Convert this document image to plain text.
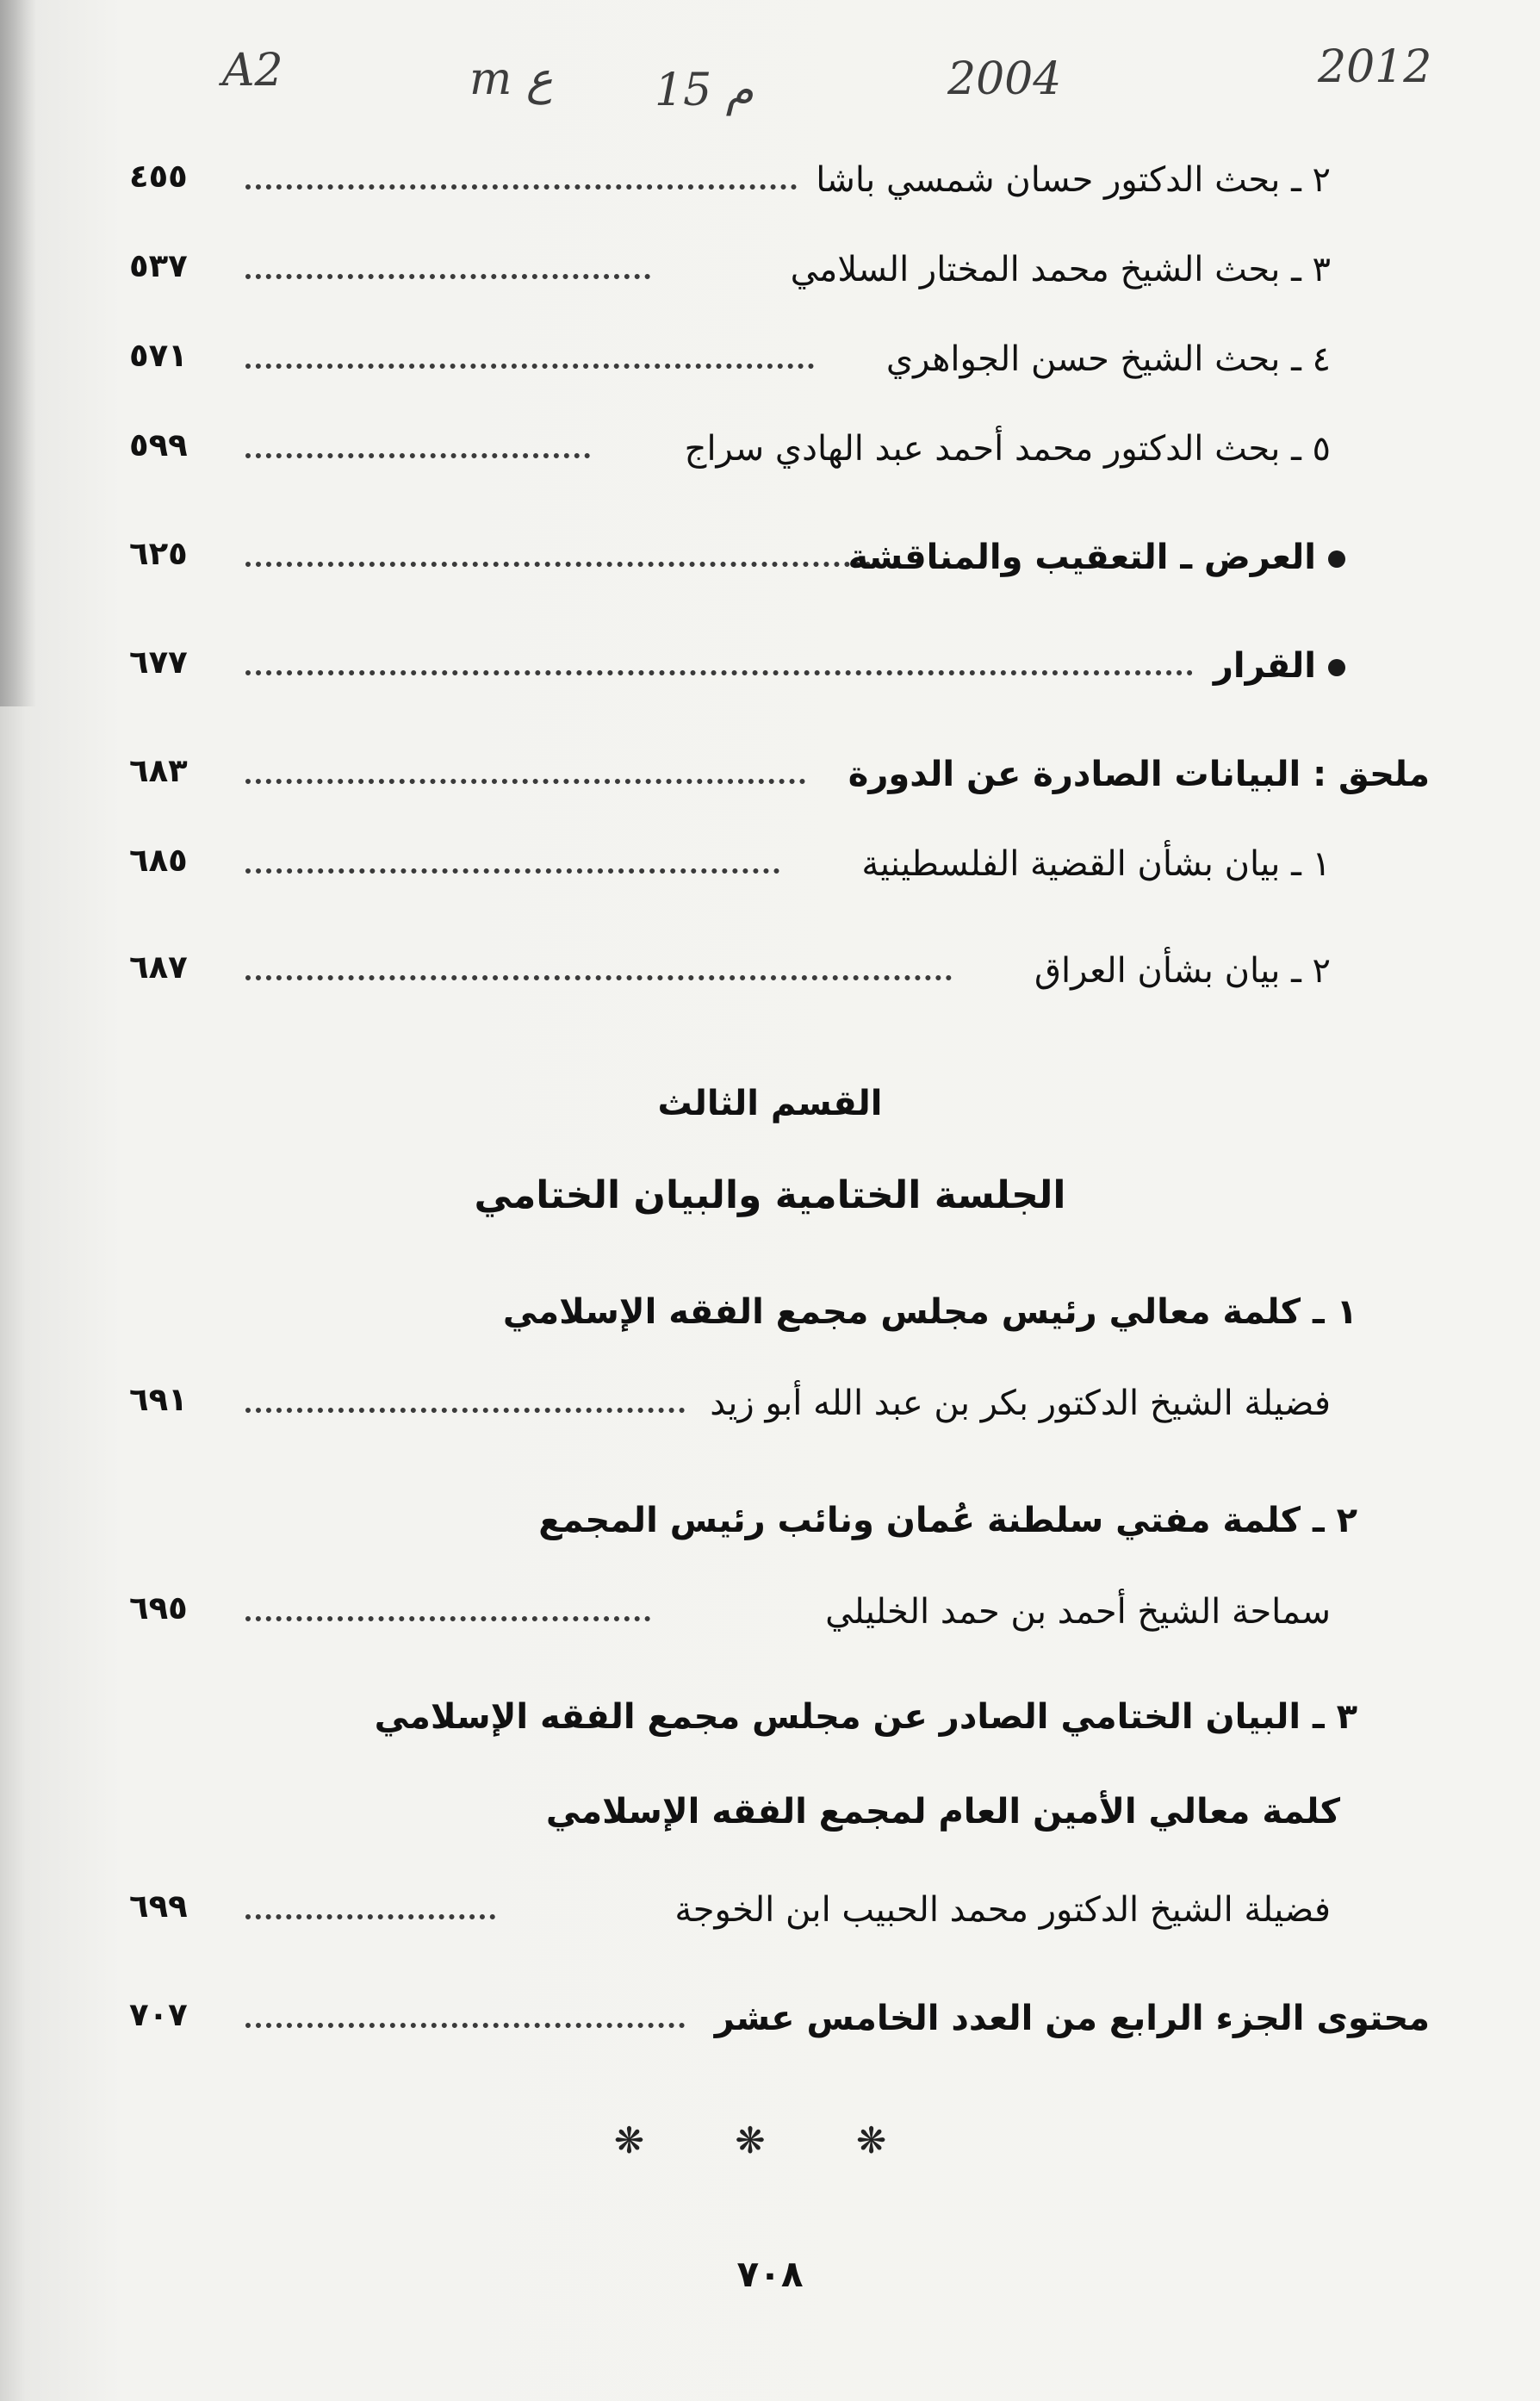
A2	m ع 15 م	2004	2012
٤٥٥	٢ ـ بحث الدكتور حسان شمسي باشا
٥٣٧	٣ ـ بحث الشيخ محمد المختار السلامي
٥٧١	٤ ـ بحث الشيخ حسن الجواهري
٥٩٩	٥ ـ بحث الدكتور محمد أحمد عبد الهادي سراج
٦٢٥	العرض ـ التعقيب والمناقشة
٦٧٧	القرار
٦٨٣	ملحق : البيانات الصادرة عن الدورة
٦٨٥	١ ـ بيان بشأن القضية الفلسطينية
٦٨٧	٢ ـ بيان بشأن العراق
القسم الثالث
الجلسة الختامية والبيان الختامي
١ ـ كلمة معالي رئيس مجلس مجمع الفقه الإسلامي
٦٩١	فضيلة الشيخ الدكتور بكر بن عبد الله أبو زيد
٢ ـ كلمة مفتي سلطنة عُمان ونائب رئيس المجمع
٦٩٥	سماحة الشيخ أحمد بن حمد الخليلي
٣ ـ البيان الختامي الصادر عن مجلس مجمع الفقه الإسلامي
كلمة معالي الأمين العام لمجمع الفقه الإسلامي
٦٩٩	فضيلة الشيخ الدكتور محمد الحبيب ابن الخوجة
٧٠٧	محتوى الجزء الرابع من العدد الخامس عشر
❋ ❋ ❋
٧٠٨
